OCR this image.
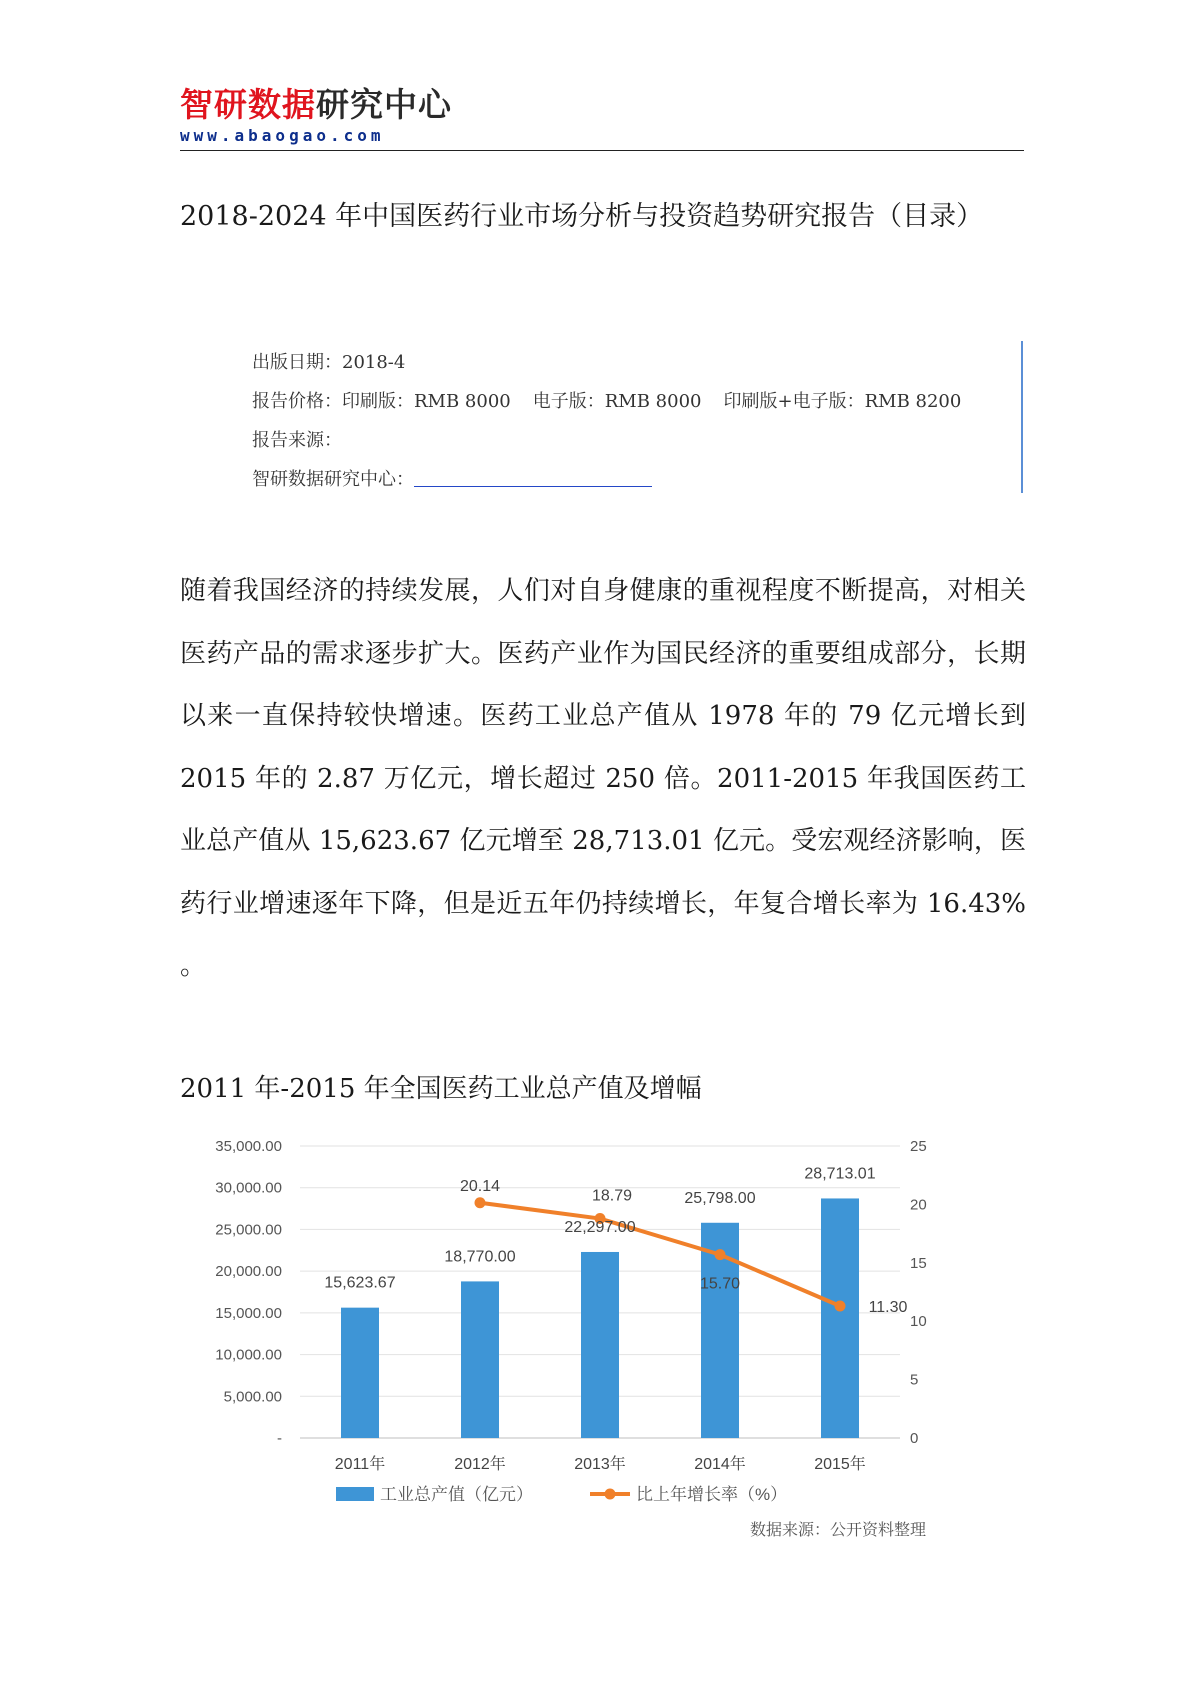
智研数据研究中心
www.abaogao.com
2018-2024 年中国医药行业市场分析与投资趋势研究报告（目录）
出版日期：2018-4
报告价格：印刷版：RMB 8000 电子版：RMB 8000 印刷版+电子版：RMB 8200
报告来源：
智研数据研究中心：
随着我国经济的持续发展，人们对自身健康的重视程度不断提高，对相关医药产品的需求逐步扩大。医药产业作为国民经济的重要组成部分，长期以来一直保持较快增速。医药工业总产值从 1978 年的 79 亿元增长到 2015 年的 2.87 万亿元，增长超过 250 倍。2011-2015 年我国医药工业总产值从 15,623.67 亿元增至 28,713.01 亿元。受宏观经济影响，医药行业增速逐年下降，但是近五年仍持续增长，年复合增长率为 16.43% 。
2011 年-2015 年全国医药工业总产值及增幅
-
5,000.00
10,000.00
15,000.00
20,000.00
25,000.00
30,000.00
35,000.00
0
5
10
15
20
25
2011年	2012年	2013年	2014年	2015年
15,623.67
18,770.00
22,297.00
25,798.00
28,713.01
20.14
18.79
15.70
11.30
工业总产值（亿元）	比上年增长率（%）
数据来源：公开资料整理
